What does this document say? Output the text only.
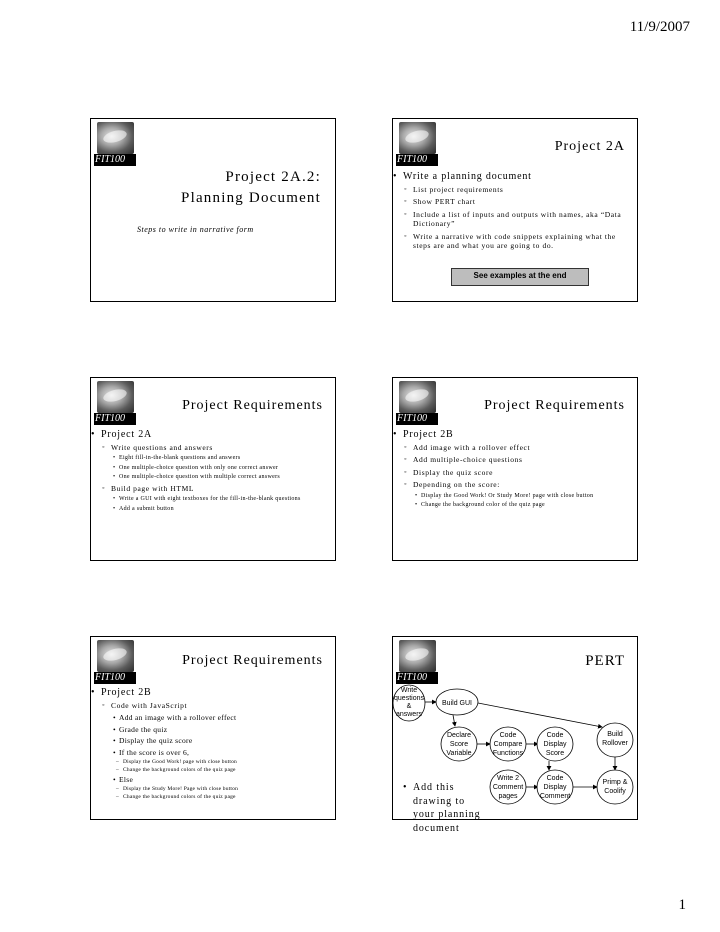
11/9/2007
FIT100
Project 2A.2:
Planning Document
Steps to write in narrative form
FIT100
Project 2A
• Write a planning document
◦ List project requirements
◦ Show PERT chart
◦ Include a list of inputs and outputs with names, aka “Data Dictionary”
◦ Write a narrative with code snippets explaining what the steps are and what you are going to do.
See examples at the end
FIT100
Project Requirements
• Project 2A
◦ Write questions and answers
• Eight fill-in-the-blank questions and answers
• One multiple-choice question with only one correct answer
• One multiple-choice question with multiple correct answers
◦ Build page with HTML
• Write a GUI with eight textboxes for the fill-in-the-blank questions
• Add a submit button
FIT100
Project Requirements
• Project 2B
◦ Add image with a rollover effect
◦ Add multiple-choice questions
◦ Display the quiz score
◦ Depending on the score:
• Display the Good Work! Or Study More! page with close button
• Change the background color of the quiz page
FIT100
Project Requirements
• Project 2B
◦ Code with JavaScript
• Add an image with a rollover effect
• Grade the quiz
• Display the quiz score
• If the score is over 6,
– Display the Good Work! page with close button
– Change the background colors of the quiz page
• Else
– Display the Study More! Page with close button
– Change the background colors of the quiz page
FIT100
PERT
Write
questions
&
answers
Build GUI
Declare
Score
Variable
Code
Compare
Functions
Code
Display
Score
Build
Rollover
Write 2
Comment
pages
Code
Display
Comment
Primp &
Coolify
• Add this drawing to your planning document
1
